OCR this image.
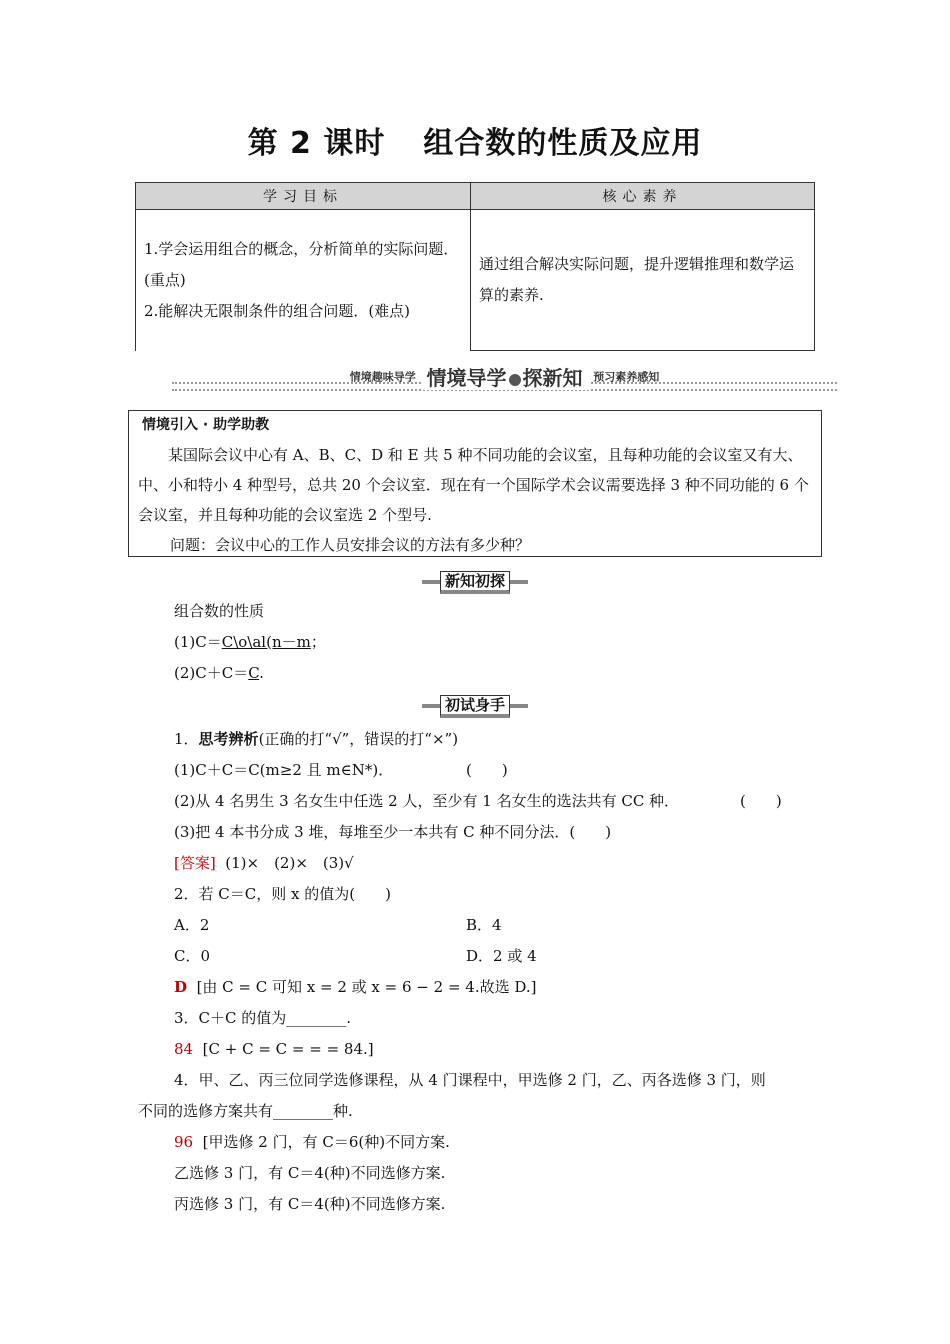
第 2 课时 组合数的性质及应用
学习目标	核心素养

1.学会运用组合的概念，分析简单的实际问题．(重点)
2.能解决无限制条件的组合问题．(难点)	通过组合解决实际问题，提升逻辑推理和数学运算的素养.
情境趣味导学 情境导学 探新知 预习素养感知
情境引入 · 助学助教
某国际会议中心有 A、B、C、D 和 E 共 5 种不同功能的会议室，且每种功能的会议室又有大、中、小和特小 4 种型号，总共 20 个会议室．现在有一个国际学术会议需要选择 3 种不同功能的 6 个会议室，并且每种功能的会议室选 2 个型号.
问题：会议中心的工作人员安排会议的方法有多少种？
新知初探
组合数的性质
(1)C＝C\o\al(n－m；
(2)C＋C＝C.
初试身手
1．思考辨析(正确的打“√”，错误的打“×”)
(1)C＋C＝C(m≥2 且 m∈N*)．	(　　)
(2)从 4 名男生 3 名女生中任选 2 人，至少有 1 名女生的选法共有 CC 种．	(　　)
(3)把 4 本书分成 3 堆，每堆至少一本共有 C 种不同分法．(　　)
[答案] (1)×　(2)×　(3)√
2．若 C＝C，则 x 的值为(　　)
A．2	B．4
C．0	D．2 或 4
D [由 C = C 可知 x = 2 或 x = 6 − 2 = 4.故选 D.]
3．C＋C 的值为________.
84 [C + C = C = = = 84.]
4．甲、乙、丙三位同学选修课程，从 4 门课程中，甲选修 2 门，乙、丙各选修 3 门，则
不同的选修方案共有________种.
96 [甲选修 2 门，有 C＝6(种)不同方案.
乙选修 3 门，有 C＝4(种)不同选修方案.
丙选修 3 门，有 C＝4(种)不同选修方案.
